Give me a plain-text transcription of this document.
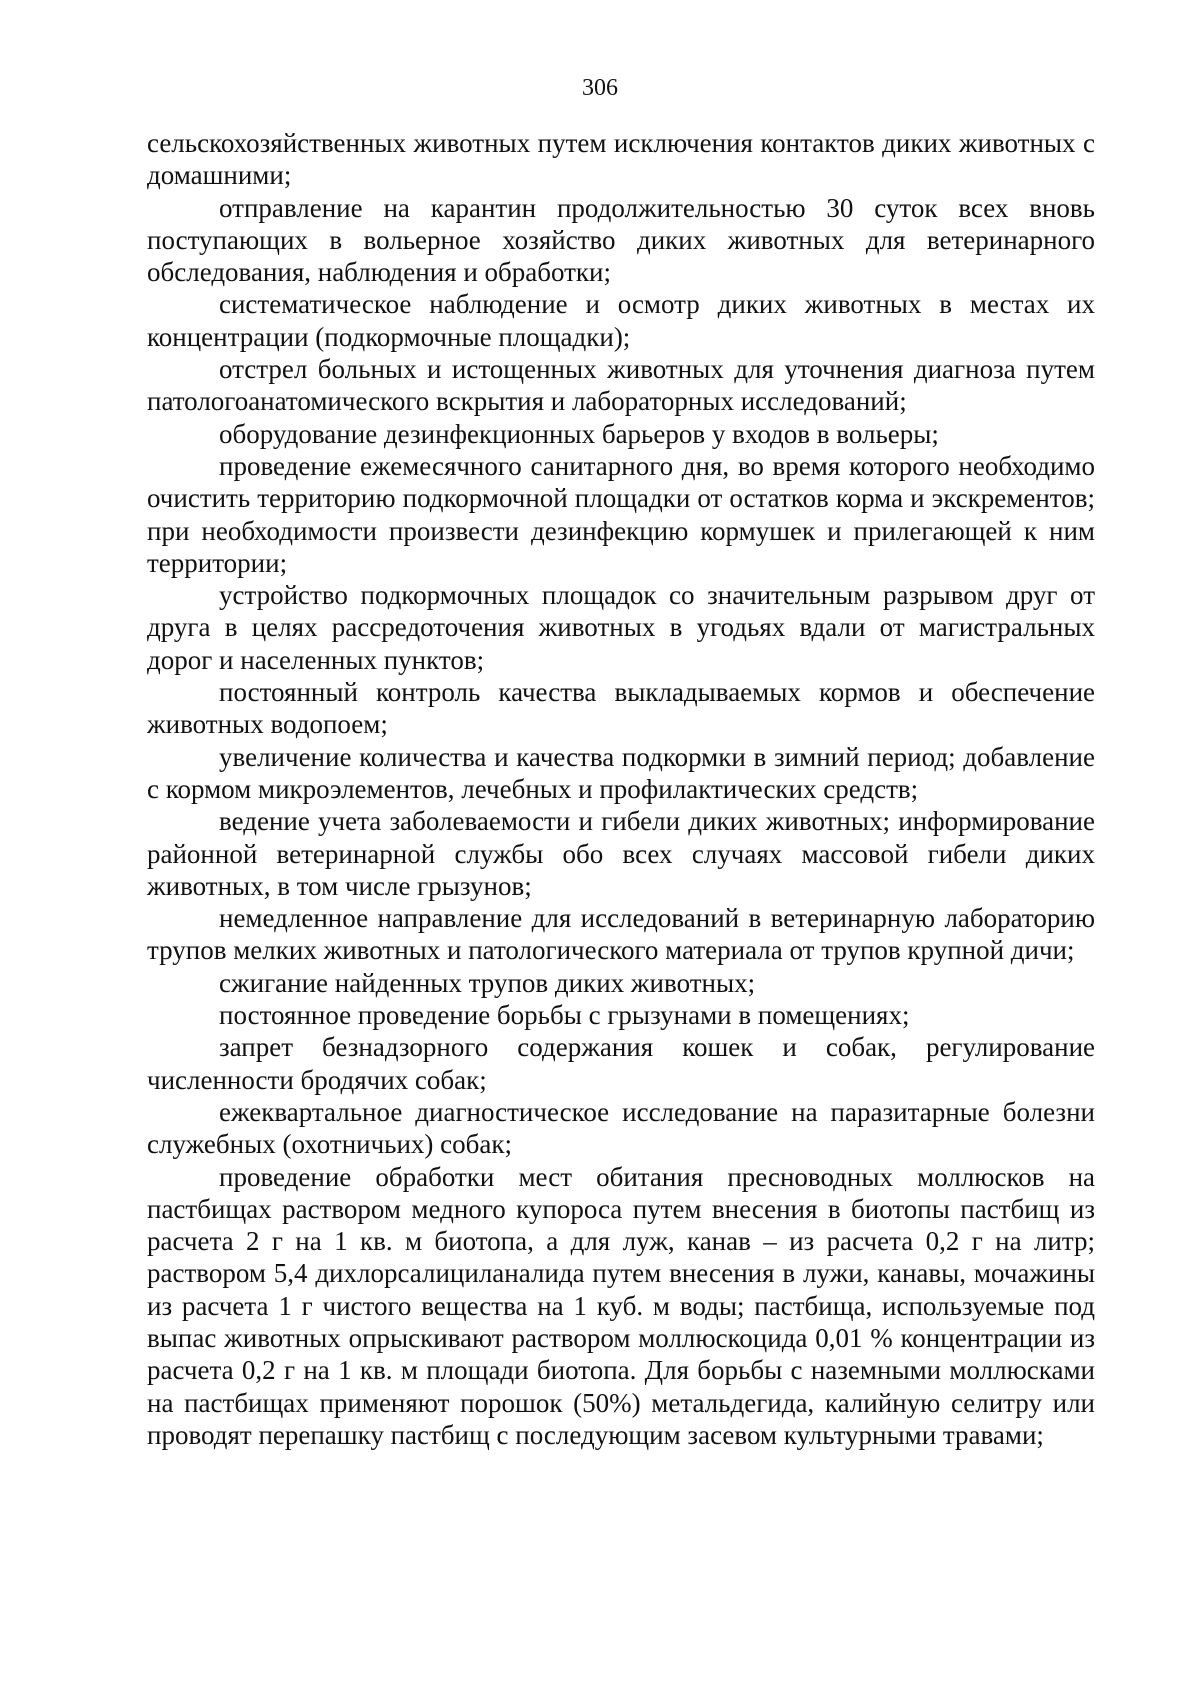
306

сельскохозяйственных животных путем исключения контактов диких животных с домашними;

отправление на карантин продолжительностью 30 суток всех вновь поступающих в вольерное хозяйство диких животных для ветеринарного обследования, наблюдения и обработки;

систематическое наблюдение и осмотр диких животных в местах их концентрации (подкормочные площадки);

отстрел больных и истощенных животных для уточнения диагноза путем патологоанатомического вскрытия и лабораторных исследований;

оборудование дезинфекционных барьеров у входов в вольеры;

проведение ежемесячного санитарного дня, во время которого необходимо очистить территорию подкормочной площадки от остатков корма и экскрементов; при необходимости произвести дезинфекцию кормушек и прилегающей к ним территории;

устройство подкормочных площадок со значительным разрывом друг от друга в целях рассредоточения животных в угодьях вдали от магистральных дорог и населенных пунктов;

постоянный контроль качества выкладываемых кормов и обеспечение животных водопоем;

увеличение количества и качества подкормки в зимний период; добавление с кормом микроэлементов, лечебных и профилактических средств;

ведение учета заболеваемости и гибели диких животных; информирование районной ветеринарной службы обо всех случаях массовой гибели диких животных, в том числе грызунов;

немедленное направление для исследований в ветеринарную лабораторию трупов мелких животных и патологического материала от трупов крупной дичи;

сжигание найденных трупов диких животных;

постоянное проведение борьбы с грызунами в помещениях;

запрет безнадзорного содержания кошек и собак, регулирование численности бродячих собак;

ежеквартальное диагностическое исследование на паразитарные болезни служебных (охотничьих) собак;

проведение обработки мест обитания пресноводных моллюсков на пастбищах раствором медного купороса путем внесения в биотопы пастбищ из расчета 2 г на 1 кв. м биотопа, а для луж, канав – из расчета 0,2 г на литр; раствором 5,4 дихлорсалициланалида путем внесения в лужи, канавы, мочажины из расчета 1 г чистого вещества на 1 куб. м воды; пастбища, используемые под выпас животных опрыскивают раствором моллюскоцида 0,01 % концентрации из расчета 0,2 г на 1 кв. м площади биотопа. Для борьбы с наземными моллюсками на пастбищах применяют порошок (50%) метальдегида, калийную селитру или проводят перепашку пастбищ с последующим засевом культурными травами;
